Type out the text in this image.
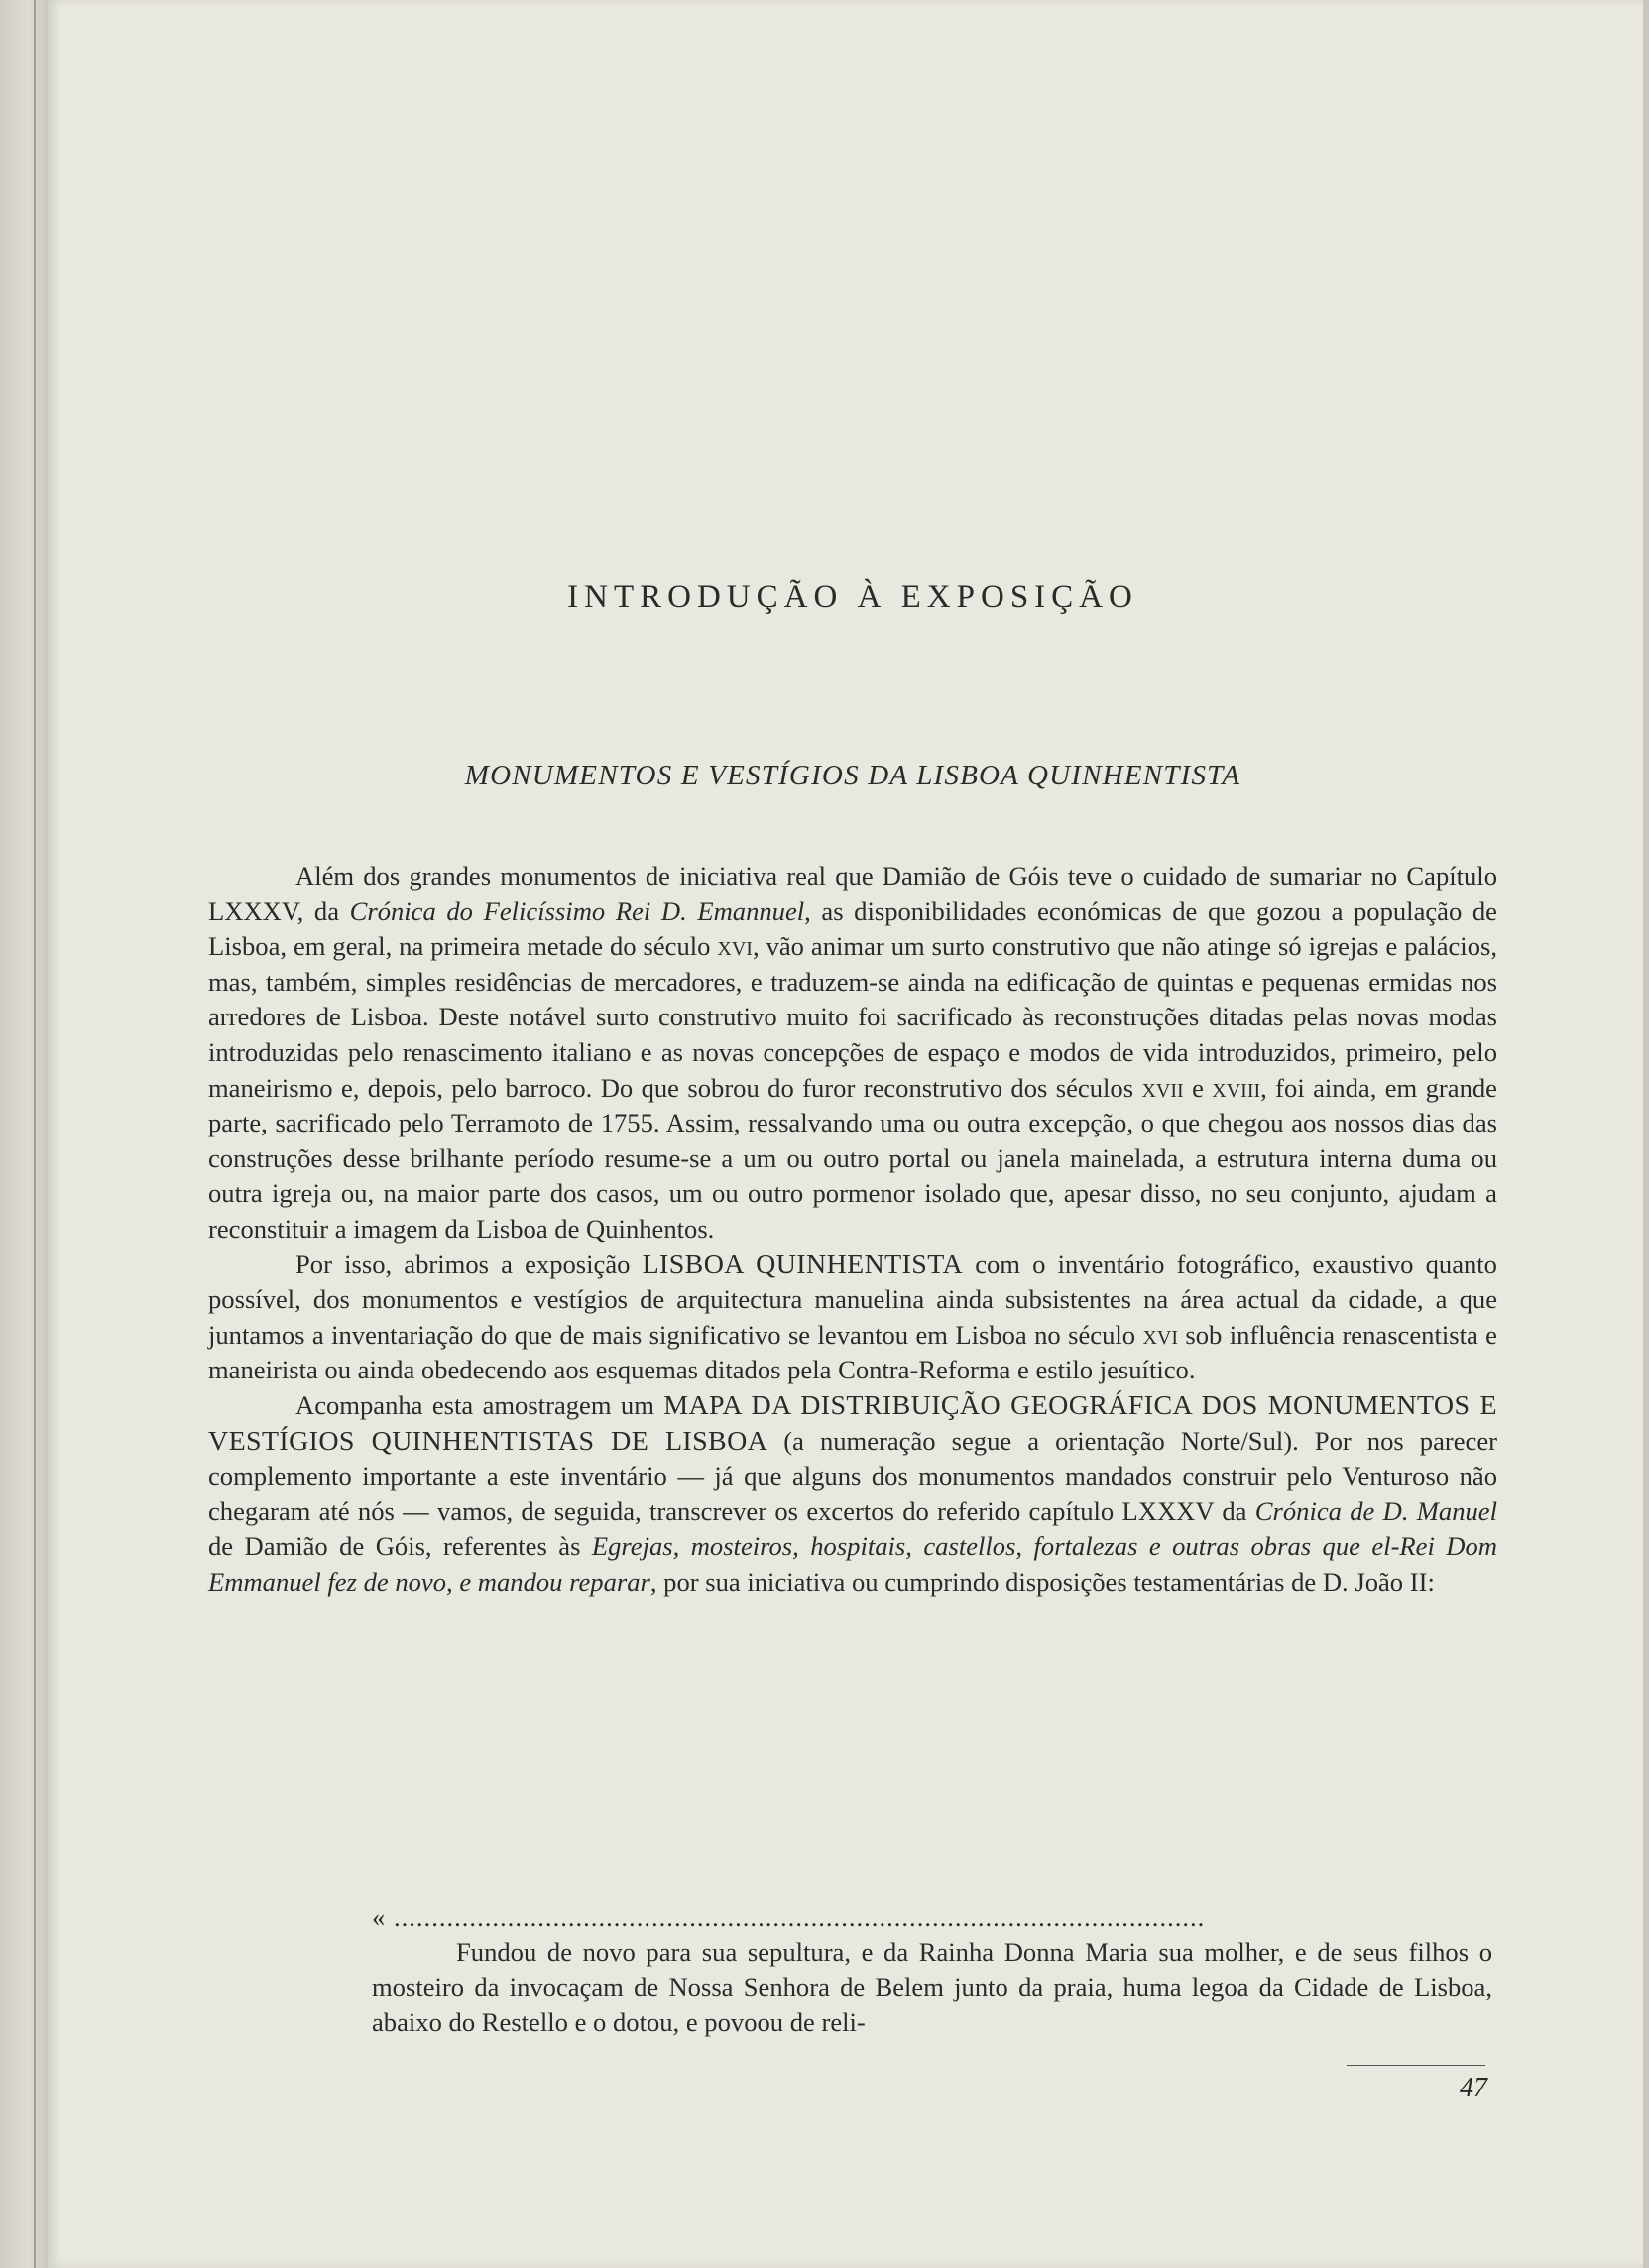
INTRODUÇÃO À EXPOSIÇÃO
MONUMENTOS E VESTÍGIOS DA LISBOA QUINHENTISTA

Além dos grandes monumentos de iniciativa real que Damião de Góis teve o cuidado de sumariar no Capítulo LXXXV, da Crónica do Felicíssimo Rei D. Emannuel, as disponibilidades económicas de que gozou a população de Lisboa, em geral, na primeira metade do século xvi, vão animar um surto construtivo que não atinge só igrejas e palácios, mas, também, simples residências de mercadores, e traduzem-se ainda na edificação de quintas e pequenas ermidas nos arredores de Lisboa. Deste notável surto construtivo muito foi sacrificado às reconstruções ditadas pelas novas modas introduzidas pelo renascimento italiano e as novas concepções de espaço e modos de vida introduzidos, primeiro, pelo maneirismo e, depois, pelo barroco. Do que sobrou do furor reconstrutivo dos séculos xvii e xviii, foi ainda, em grande parte, sacrificado pelo Terramoto de 1755. Assim, ressalvando uma ou outra excepção, o que chegou aos nossos dias das construções desse brilhante período resume-se a um ou outro portal ou janela mainelada, a estrutura interna duma ou outra igreja ou, na maior parte dos casos, um ou outro pormenor isolado que, apesar disso, no seu conjunto, ajudam a reconstituir a imagem da Lisboa de Quinhentos.

Por isso, abrimos a exposição LISBOA QUINHENTISTA com o inventário fotográfico, exaustivo quanto possível, dos monumentos e vestígios de arquitectura manuelina ainda subsistentes na área actual da cidade, a que juntamos a inventariação do que de mais significativo se levantou em Lisboa no século xvi sob influência renascentista e maneirista ou ainda obedecendo aos esquemas ditados pela Contra-Reforma e estilo jesuítico.

Acompanha esta amostragem um MAPA DA DISTRIBUIÇÃO GEOGRÁFICA DOS MONUMENTOS E VESTÍGIOS QUINHENTISTAS DE LISBOA (a numeração segue a orientação Norte/Sul). Por nos parecer complemento importante a este inventário — já que alguns dos monumentos mandados construir pelo Venturoso não chegaram até nós — vamos, de seguida, transcrever os excertos do referido capítulo LXXXV da Crónica de D. Manuel de Damião de Góis, referentes às Egrejas, mosteiros, hospitais, castellos, fortalezas e outras obras que el-Rei Dom Emmanuel fez de novo, e mandou reparar, por sua iniciativa ou cumprindo disposições testamentárias de D. João II:

« ...........................................................................................................

Fundou de novo para sua sepultura, e da Rainha Donna Maria sua molher, e de seus filhos o mosteiro da invocaçam de Nossa Senhora de Belem junto da praia, huma legoa da Cidade de Lisboa, abaixo do Restello e o dotou, e povoou de reli-

47
